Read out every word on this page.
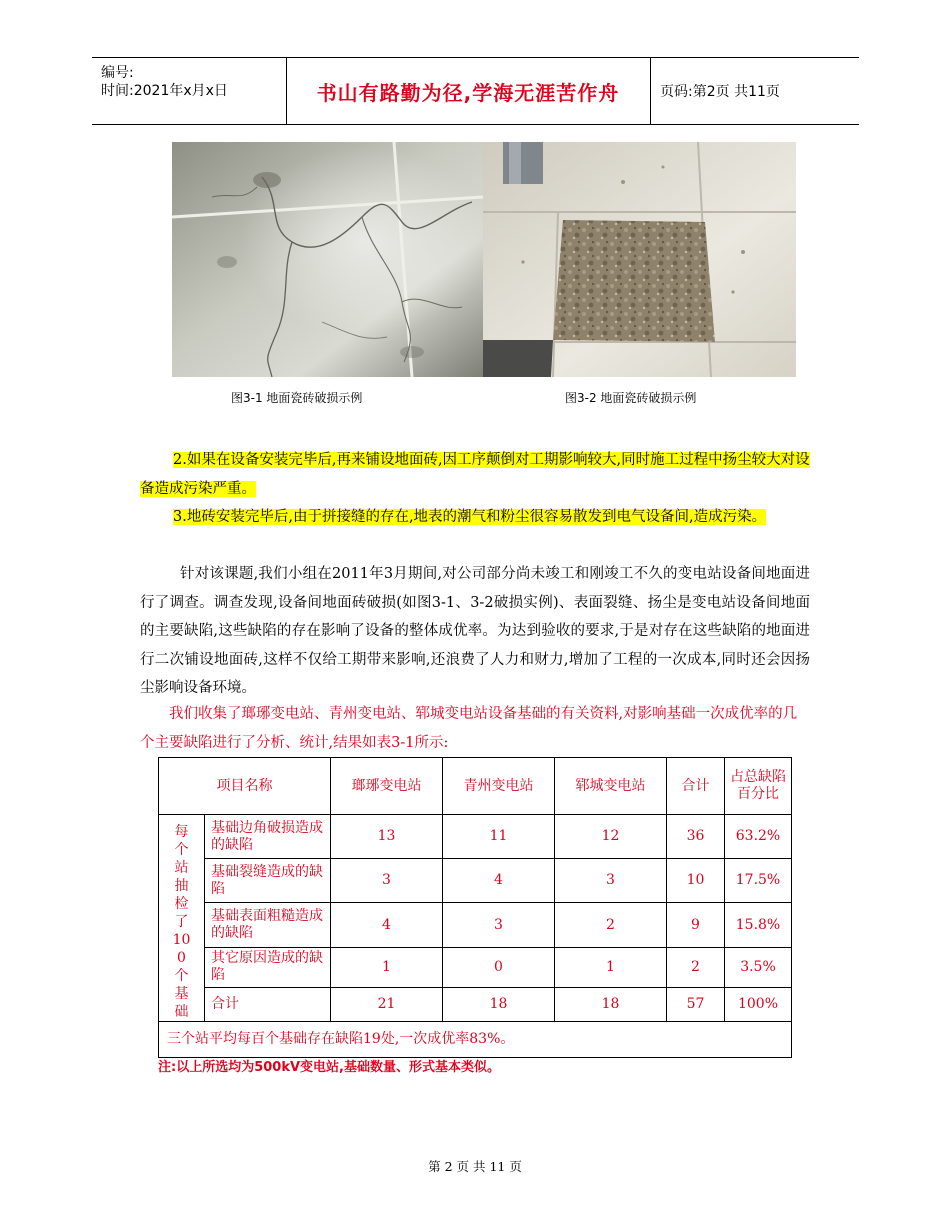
编号:
时间:2021年x月x日	书山有路勤为径,学海无涯苦作舟	页码:第2页 共11页
图3-1 地面瓷砖破损示例	图3-2 地面瓷砖破损示例
2.如果在设备安装完毕后,再来铺设地面砖,因工序颠倒对工期影响较大,同时施工过程中扬尘较大对设备造成污染严重。
3.地砖安装完毕后,由于拼接缝的存在,地表的潮气和粉尘很容易散发到电气设备间,造成污染。
针对该课题,我们小组在2011年3月期间,对公司部分尚未竣工和刚竣工不久的变电站设备间地面进行了调查。调查发现,设备间地面砖破损(如图3-1、3-2破损实例)、表面裂缝、扬尘是变电站设备间地面的主要缺陷,这些缺陷的存在影响了设备的整体成优率。为达到验收的要求,于是对存在这些缺陷的地面进行二次铺设地面砖,这样不仅给工期带来影响,还浪费了人力和财力,增加了工程的一次成本,同时还会因扬尘影响设备环境。
我们收集了瑯琊变电站、青州变电站、郓城变电站设备基础的有关资料,对影响基础一次成优率的几个主要缺陷进行了分析、统计,结果如表3-1所示:
项目名称		瑯琊变电站	青州变电站	郓城变电站	合计	占总缺陷百分比

每个站抽检了100个基础	基础边角破损造成的缺陷	13	11	12	36	63.2%
	基础裂缝造成的缺陷	3	4	3	10	17.5%
	基础表面粗糙造成的缺陷	4	3	2	9	15.8%
	其它原因造成的缺陷	1	0	1	2	3.5%
	合计	21	18	18	57	100%
三个站平均每百个基础存在缺陷19处,一次成优率83%。						
注:以上所选均为500kV变电站,基础数量、形式基本类似。
第 2 页 共 11 页
